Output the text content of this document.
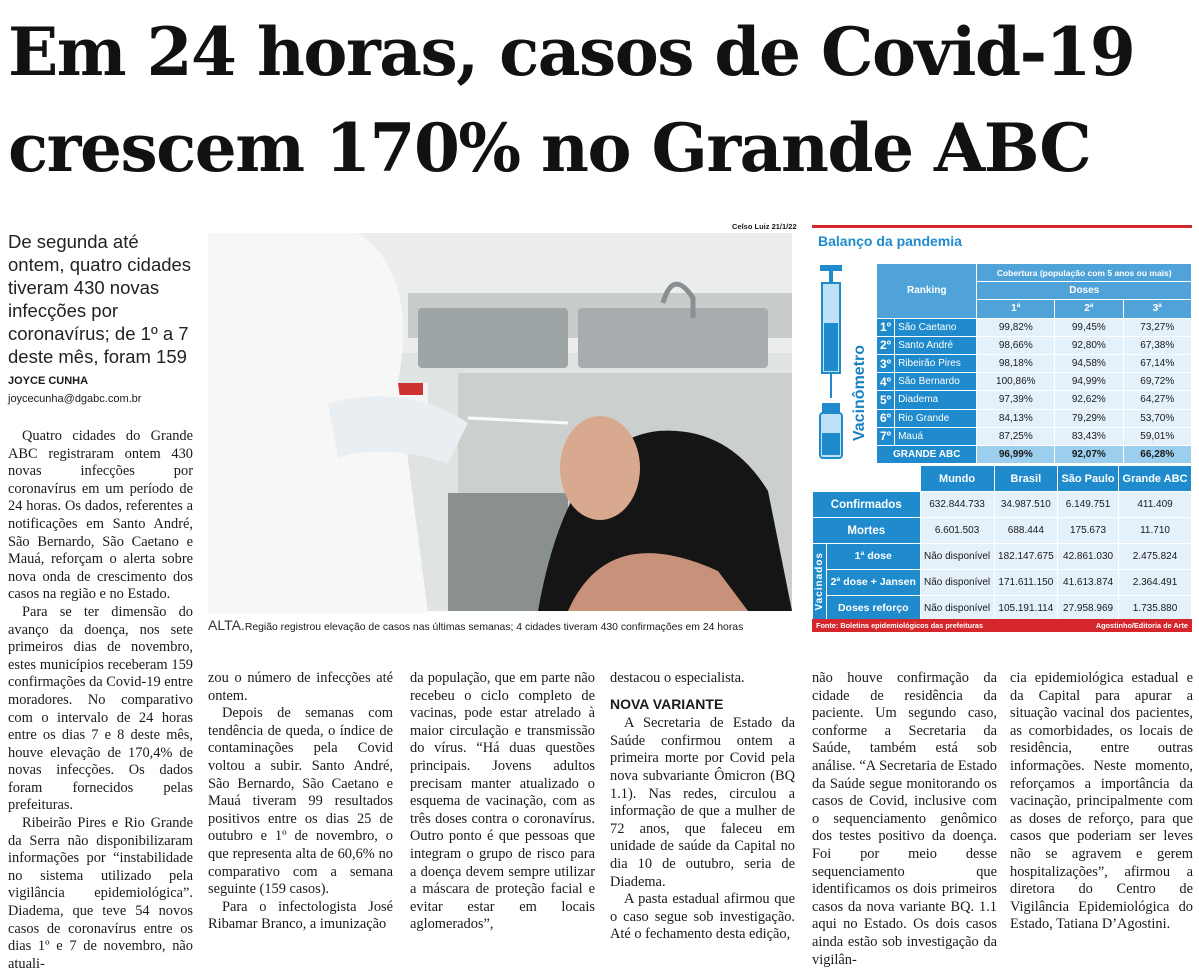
Em 24 horas, casos de Covid-19
crescem 170% no Grande ABC
De segunda até ontem, quatro cidades tiveram 430 novas infecções por coronavírus; de 1º a 7 deste mês, foram 159
JOYCE CUNHA
joycecunha@dgabc.com.br
Celso Luiz 21/1/22
ALTA.Região registrou elevação de casos nas últimas semanas; 4 cidades tiveram 430 confirmações em 24 horas

Quatro cidades do Grande ABC registraram ontem 430 novas infecções por coronavírus em um período de 24 horas. Os dados, referentes a notificações em Santo André, São Bernardo, São Caetano e Mauá, reforçam o alerta sobre nova onda de crescimento dos casos na região e no Estado.

Para se ter dimensão do avanço da doença, nos sete primeiros dias de novembro, estes municípios receberam 159 confirmações da Covid-19 entre moradores. No comparativo com o intervalo de 24 horas entre os dias 7 e 8 deste mês, houve elevação de 170,4% de novas infecções. Os dados foram fornecidos pelas prefeituras.

Ribeirão Pires e Rio Grande da Serra não disponibilizaram informações por “instabilidade no sistema utilizado pela vigilância epidemiológica”. Diadema, que teve 54 novos casos de coronavírus entre os dias 1º e 7 de novembro, não atuali-

zou o número de infecções até ontem.

Depois de semanas com tendência de queda, o índice de contaminações pela Covid voltou a subir. Santo André, São Bernardo, São Caetano e Mauá tiveram 99 resultados positivos entre os dias 25 de outubro e 1º de novembro, o que representa alta de 60,6% no comparativo com a semana seguinte (159 casos).

Para o infectologista José Ribamar Branco, a imunização

da população, que em parte não recebeu o ciclo completo de vacinas, pode estar atrelado à maior circulação e transmissão do vírus. “Há duas questões principais. Jovens adultos precisam manter atualizado o esquema de vacinação, com as três doses contra o coronavírus. Outro ponto é que pessoas que integram o grupo de risco para a doença devem sempre utilizar a máscara de proteção facial e evitar estar em locais aglomerados”,

destacou o especialista.

NOVA VARIANTE

A Secretaria de Estado da Saúde confirmou ontem a primeira morte por Covid pela nova subvariante Ômicron (BQ 1.1). Nas redes, circulou a informação de que a mulher de 72 anos, que faleceu em unidade de saúde da Capital no dia 10 de outubro, seria de Diadema.

A pasta estadual afirmou que o caso segue sob investigação. Até o fechamento desta edição,

não houve confirmação da cidade de residência da paciente. Um segundo caso, conforme a Secretaria da Saúde, também está sob análise. “A Secretaria de Estado da Saúde segue monitorando os casos de Covid, inclusive com o sequenciamento genômico dos testes positivo da doença. Foi por meio desse sequenciamento que identificamos os dois primeiros casos da nova variante BQ. 1.1 aqui no Estado. Os dois casos ainda estão sob investigação da vigilân-

cia epidemiológica estadual e da Capital para apurar a situação vacinal dos pacientes, as comorbidades, os locais de residência, entre outras informações. Neste momento, reforçamos a importância da vacinação, principalmente com as doses de reforço, para que casos que poderiam ser leves não se agravem e gerem hospitalizações”, afirmou a diretora do Centro de Vigilância Epidemiológica do Estado, Tatiana D’Agostini.

Balanço da pandemia
Vacinômetro
Ranking		Cobertura (população com 5 anos ou mais)		
		Doses		
		1ª	2ª	3ª
1º	São Caetano	99,82%	99,45%	73,27%
2º	Santo André	98,66%	92,80%	67,38%
3º	Ribeirão Pires	98,18%	94,58%	67,14%
4º	São Bernardo	100,86%	94,99%	69,72%
5º	Diadema	97,39%	92,62%	64,27%
6º	Rio Grande	84,13%	79,29%	53,70%
7º	Mauá	87,25%	83,43%	59,01%
GRANDE ABC		96,99%	92,07%	66,28%
		Mundo	Brasil	São Paulo	Grande ABC
Confirmados		632.844.733	34.987.510	6.149.751	411.409
Mortes		6.601.503	688.444	175.673	11.710
Vacinados	1ª dose	Não disponível	182.147.675	42.861.030	2.475.824
	2ª dose + Jansen	Não disponível	171.611.150	41.613.874	2.364.491
	Doses reforço	Não disponível	105.191.114	27.958.969	1.735.880
Fonte: Boletins epidemiológicos das prefeituras	Agostinho/Editoria de Arte
